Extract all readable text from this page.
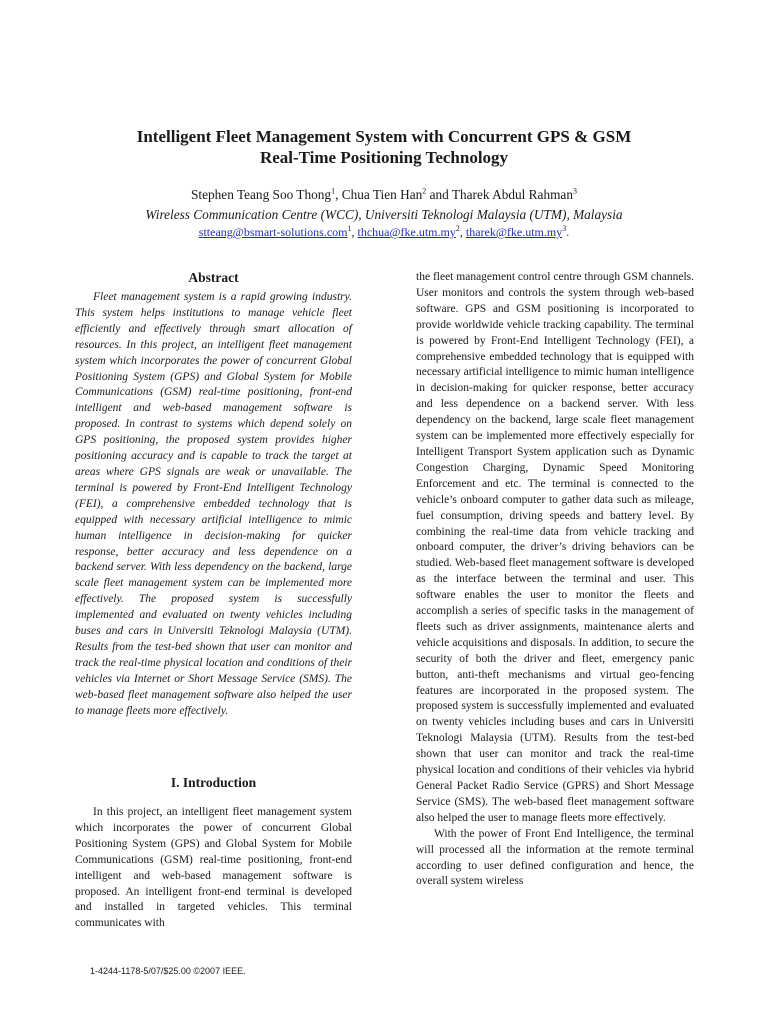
Intelligent Fleet Management System with Concurrent GPS & GSM
Real-Time Positioning Technology
Stephen Teang Soo Thong$^1$, Chua Tien Han$^2$ and Tharek Abdul Rahman$^3$
Wireless Communication Centre (WCC), Universiti Teknologi Malaysia (UTM), Malaysia
stteang@bsmart-solutions.com$^1$, $thchua@fke.utm.my^2$, $tharek@fke.utm.my^3$.
Abstract

Fleet management system is a rapid growing industry. This system helps institutions to manage vehicle fleet efficiently and effectively through smart allocation of resources. In this project, an intelligent fleet management system which incorporates the power of concurrent Global Positioning System (GPS) and Global System for Mobile Communications (GSM) real-time positioning, front-end intelligent and web-based management software is proposed. In contrast to systems which depend solely on GPS positioning, the proposed system provides higher positioning accuracy and is capable to track the target at areas where GPS signals are weak or unavailable. The terminal is powered by Front-End Intelligent Technology (FEI), a comprehensive embedded technology that is equipped with necessary artificial intelligence to mimic human intelligence in decision-making for quicker response, better accuracy and less dependence on a backend server. With less dependency on the backend, large scale fleet management system can be implemented more effectively. The proposed system is successfully implemented and evaluated on twenty vehicles including buses and cars in Universiti Teknologi Malaysia (UTM). Results from the test-bed shown that user can monitor and track the real-time physical location and conditions of their vehicles via Internet or Short Message Service (SMS). The web-based fleet management software also helped the user to manage fleets more effectively.

I. Introduction

In this project, an intelligent fleet management system which incorporates the power of concurrent Global Positioning System (GPS) and Global System for Mobile Communications (GSM) real-time positioning, front-end intelligent and web-based management software is proposed. An intelligent front-end terminal is developed and installed in targeted vehicles. This terminal communicates with

the fleet management control centre through GSM channels. User monitors and controls the system through web-based software. GPS and GSM positioning is incorporated to provide worldwide vehicle tracking capability. The terminal is powered by Front-End Intelligent Technology (FEI), a comprehensive embedded technology that is equipped with necessary artificial intelligence to mimic human intelligence in decision-making for quicker response, better accuracy and less dependence on a backend server. With less dependency on the backend, large scale fleet management system can be implemented more effectively especially for Intelligent Transport System application such as Dynamic Congestion Charging, Dynamic Speed Monitoring Enforcement and etc. The terminal is connected to the vehicle’s onboard computer to gather data such as mileage, fuel consumption, driving speeds and battery level. By combining the real-time data from vehicle tracking and onboard computer, the driver’s driving behaviors can be studied. Web-based fleet management software is developed as the interface between the terminal and user. This software enables the user to monitor the fleets and accomplish a series of specific tasks in the management of fleets such as driver assignments, maintenance alerts and vehicle acquisitions and disposals. In addition, to secure the security of both the driver and fleet, emergency panic button, anti-theft mechanisms and virtual geo-fencing features are incorporated in the proposed system. The proposed system is successfully implemented and evaluated on twenty vehicles including buses and cars in Universiti Teknologi Malaysia (UTM). Results from the test-bed shown that user can monitor and track the real-time physical location and conditions of their vehicles via hybrid General Packet Radio Service (GPRS) and Short Message Service (SMS). The web-based fleet management software also helped the user to manage fleets more effectively.

With the power of Front End Intelligence, the terminal will processed all the information at the remote terminal according to user defined configuration and hence, the overall system wireless

1-4244-1178-5/07/$25.00 ©2007 IEEE.
